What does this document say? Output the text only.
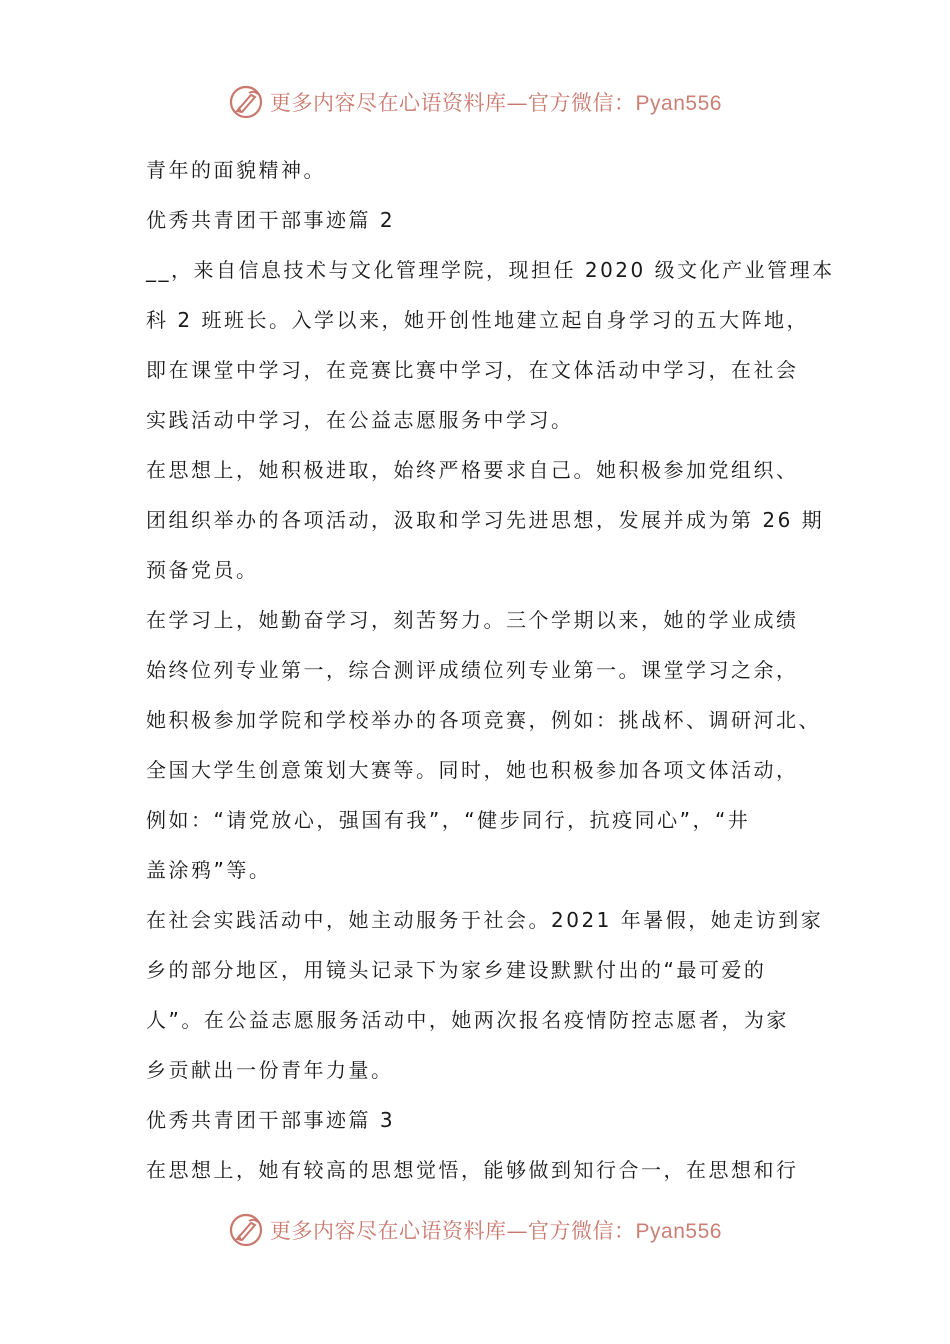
更多内容尽在心语资料库—官方微信：Pyan556
青年的面貌精神。
优秀共青团干部事迹篇 2
__，来自信息技术与文化管理学院，现担任 2020 级文化产业管理本
科 2 班班长。入学以来，她开创性地建立起自身学习的五大阵地，
即在课堂中学习，在竞赛比赛中学习，在文体活动中学习，在社会
实践活动中学习，在公益志愿服务中学习。
在思想上，她积极进取，始终严格要求自己。她积极参加党组织、
团组织举办的各项活动，汲取和学习先进思想，发展并成为第 26 期
预备党员。
在学习上，她勤奋学习，刻苦努力。三个学期以来，她的学业成绩
始终位列专业第一，综合测评成绩位列专业第一。课堂学习之余，
她积极参加学院和学校举办的各项竞赛，例如：挑战杯、调研河北、
全国大学生创意策划大赛等。同时，她也积极参加各项文体活动，
例如：“请党放心，强国有我”，“健步同行，抗疫同心”，“井
盖涂鸦”等。
在社会实践活动中，她主动服务于社会。2021 年暑假，她走访到家
乡的部分地区，用镜头记录下为家乡建设默默付出的“最可爱的
人”。在公益志愿服务活动中，她两次报名疫情防控志愿者，为家
乡贡献出一份青年力量。
优秀共青团干部事迹篇 3
在思想上，她有较高的思想觉悟，能够做到知行合一，在思想和行
更多内容尽在心语资料库—官方微信：Pyan556
